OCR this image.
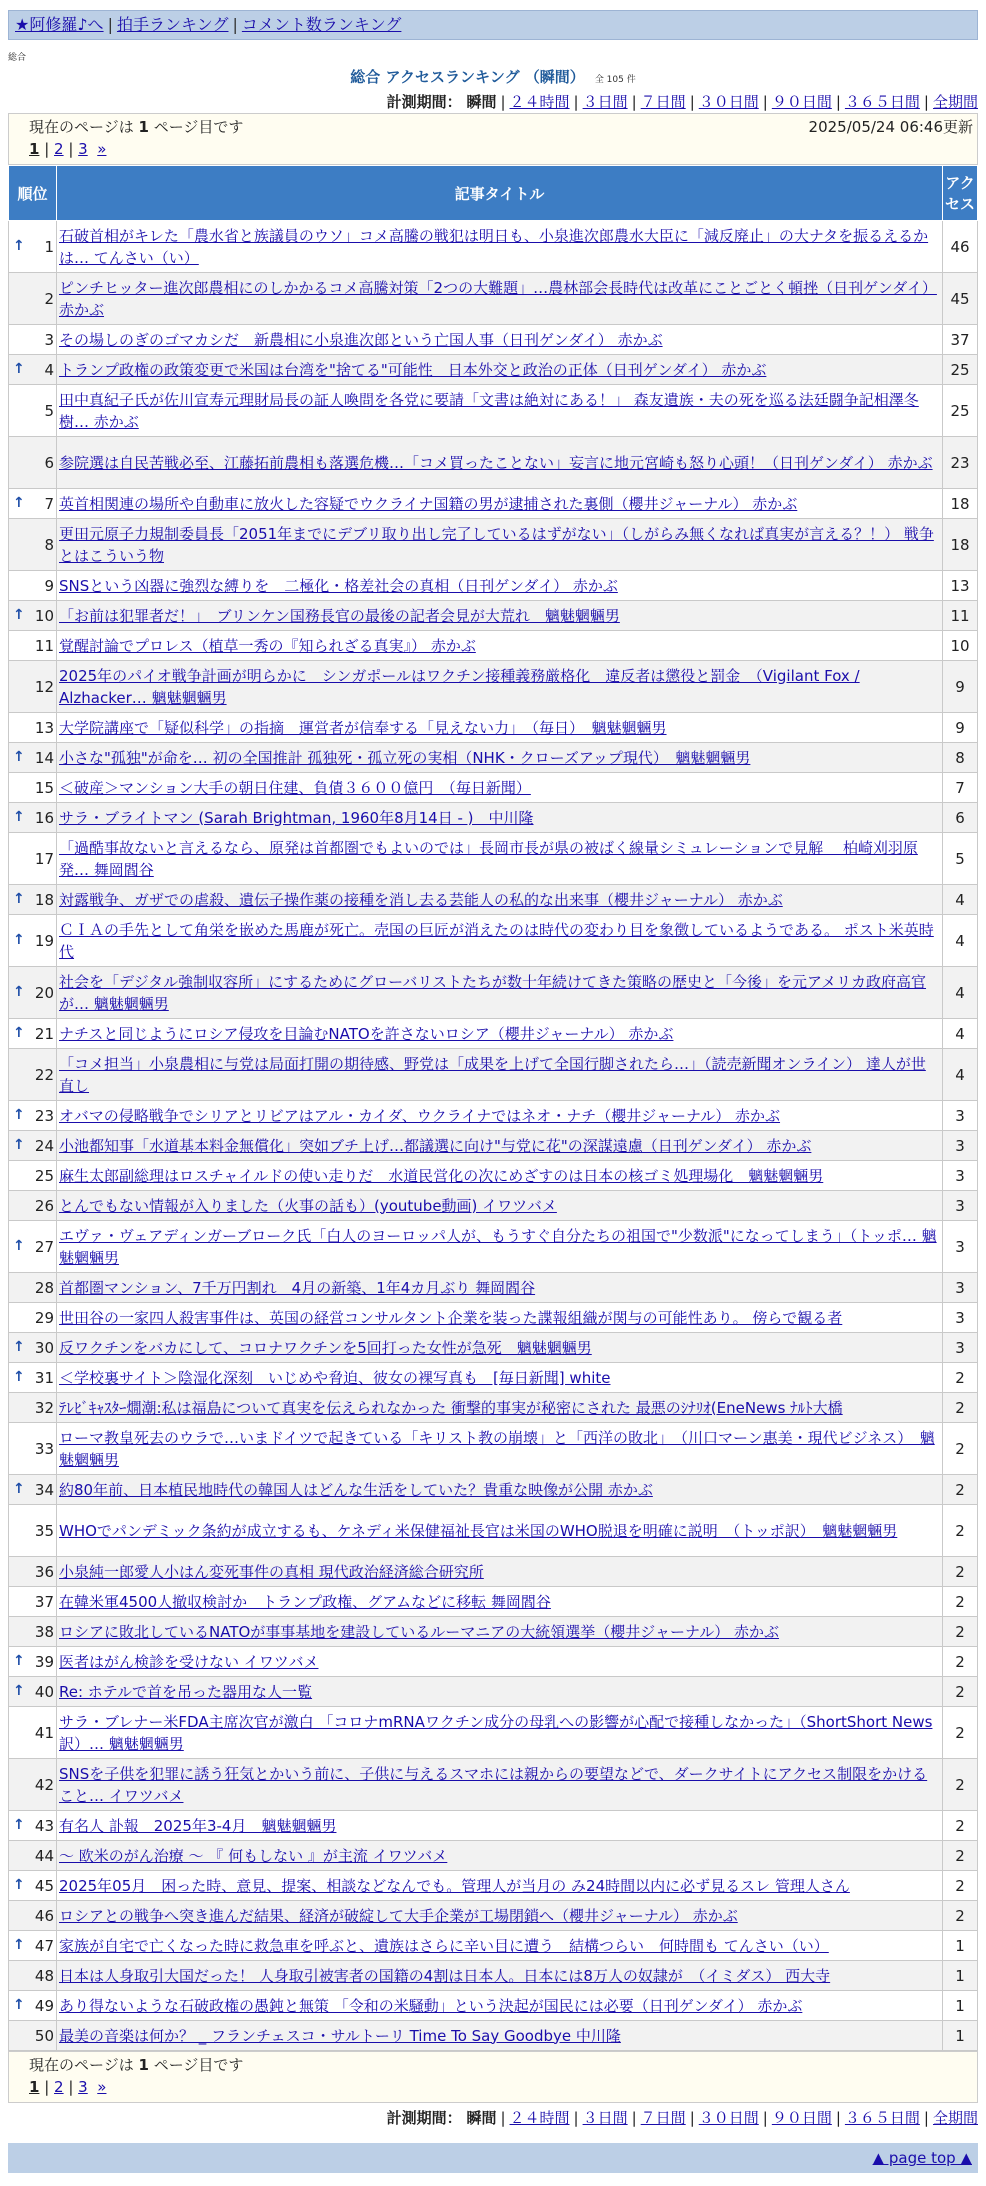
★阿修羅♪へ | 拍手ランキング | コメント数ランキング
総合
総合 アクセスランキング （瞬間） 全 105 件
計測期間： 瞬間 | ２４時間 | ３日間 | ７日間 | ３０日間 | ９０日間 | ３６５日間 | 全期間
現在のページは 1 ページ目です	2025/05/24 06:46更新
1 | 2 | 3 »
順位	記事タイトル	アクセス

↑ 1	石破首相がキレた「農水省と族議員のウソ」コメ高騰の戦犯は明日も、小泉進次郎農水大臣に「減反廃止」の大ナタを振るえるかは… てんさい（い）	46
2	ピンチヒッター進次郎農相にのしかかるコメ高騰対策「2つの大難題」…農林部会長時代は改革にことごとく頓挫（日刊ゲンダイ） 赤かぶ	45
3	その場しのぎのゴマカシだ　新農相に小泉進次郎という亡国人事（日刊ゲンダイ） 赤かぶ	37

↑ 4	トランプ政権の政策変更で米国は台湾を"捨てる"可能性　日本外交と政治の正体（日刊ゲンダイ） 赤かぶ	25
5	田中真紀子氏が佐川宣寿元理財局長の証人喚問を各党に要請「文書は絶対にある！」 森友遺族・夫の死を巡る法廷闘争記相澤冬樹… 赤かぶ	25
6	参院選は自民苦戦必至、江藤拓前農相も落選危機…「コメ買ったことない」妄言に地元宮崎も怒り心頭！（日刊ゲンダイ） 赤かぶ	23

↑ 7	英首相関連の場所や自動車に放火した容疑でウクライナ国籍の男が逮捕された裏側（櫻井ジャーナル） 赤かぶ	18
8	更田元原子力規制委員長「2051年までにデブリ取り出し完了しているはずがない」（しがらみ無くなれば真実が言える？！） 戦争とはこういう物	18
9	SNSという凶器に強烈な縛りを　二極化・格差社会の真相（日刊ゲンダイ） 赤かぶ	13

↑ 10	「お前は犯罪者だ！」　ブリンケン国務長官の最後の記者会見が大荒れ　魑魅魍魎男	11
11	覚醒討論でプロレス（植草一秀の『知られざる真実』） 赤かぶ	10
12	2025年のパイオ戦争計画が明らかに　シンガポールはワクチン接種義務厳格化　違反者は懲役と罰金　（Vigilant Fox / Alzhacker… 魑魅魍魎男	9
13	大学院講座で「疑似科学」の指摘　運営者が信奉する「見えない力」　（毎日）　魑魅魍魎男	9

↑ 14	小さな"孤独"が命を… 初の全国推計 孤独死・孤立死の実相（NHK・クローズアップ現代）　魑魅魍魎男	8
15	＜破産＞マンション大手の朝日住建、負債３６００億円　（毎日新聞）	7

↑ 16	サラ・ブライトマン (Sarah Brightman, 1960年8月14日 - )　中川隆	6
17	「過酷事故ないと言えるなら、原発は首都圏でもよいのでは」長岡市長が県の被ばく線量シミュレーションで見解　 柏崎刈羽原発… 舞岡閻谷	5

↑ 18	対露戦争、ガザでの虐殺、遺伝子操作薬の接種を消し去る芸能人の私的な出来事（櫻井ジャーナル） 赤かぶ	4

↑ 19	ＣＩＡの手先として角栄を嵌めた馬鹿が死亡。売国の巨匠が消えたのは時代の変わり目を象徴しているようである。 ポスト米英時代	4

↑ 20	社会を「デジタル強制収容所」にするためにグローバリストたちが数十年続けてきた策略の歴史と「今後」を元アメリカ政府高官が… 魑魅魍魎男	4

↑ 21	ナチスと同じようにロシア侵攻を目論むNATOを許さないロシア（櫻井ジャーナル） 赤かぶ	4
22	「コメ担当」小泉農相に与党は局面打開の期待感、野党は「成果を上げて全国行脚されたら…」（読売新聞オンライン） 達人が世直し	4

↑ 23	オバマの侵略戦争でシリアとリビアはアル・カイダ、ウクライナではネオ・ナチ（櫻井ジャーナル） 赤かぶ	3

↑ 24	小池都知事「水道基本料金無償化」突如ブチ上げ…都議選に向け"与党に花"の深謀遠慮（日刊ゲンダイ） 赤かぶ	3
25	麻生太郎副総理はロスチャイルドの使い走りだ　水道民営化の次にめざすのは日本の核ゴミ処理場化　魑魅魍魎男	3
26	とんでもない情報が入りました（火事の話も）(youtube動画) イワツバメ	3

↑ 27	エヴァ・ヴェアディンガーブローク氏「白人のヨーロッパ人が、もうすぐ自分たちの祖国で"少数派"になってしまう」（トッポ… 魑魅魍魎男	3
28	首都圏マンション、7千万円割れ　4月の新築、1年4カ月ぶり 舞岡閻谷	3
29	世田谷の一家四人殺害事件は、英国の経営コンサルタント企業を装った諜報組織が関与の可能性あり。 傍らで観る者	3

↑ 30	反ワクチンをバカにして、コロナワクチンを5回打った女性が急死　魑魅魍魎男	3

↑ 31	＜学校裏サイト＞陰湿化深刻　いじめや脅迫、彼女の裸写真も　[毎日新聞] white	2
32	ﾃﾚﾋﾞｷｬｽﾀｰ燗潮:私は福島について真実を伝えられなかった 衝撃的事実が秘密にされた 最悪のｼﾅﾘｵ(EneNews ﾅﾙﾄ大橋	2
33	ローマ教皇死去のウラで…いまドイツで起きている「キリスト教の崩壊」と「西洋の敗北」　（川口マーン惠美・現代ビジネス）　魑魅魍魎男	2

↑ 34	約80年前、日本植民地時代の韓国人はどんな生活をしていた？貴重な映像が公開 赤かぶ	2
35	WHOでパンデミック条約が成立するも、ケネディ米保健福祉長官は米国のWHO脱退を明確に説明　（トッポ訳）　魑魅魍魎男	2
36	小泉純一郎愛人小はん変死事件の真相 現代政治経済総合研究所	2
37	在韓米軍4500人撤収検討か　トランプ政権、グアムなどに移転 舞岡閻谷	2
38	ロシアに敗北しているNATOが事事基地を建設しているルーマニアの大統領選挙（櫻井ジャーナル） 赤かぶ	2

↑ 39	医者はがん検診を受けない イワツバメ	2

↑ 40	Re: ホテルで首を吊った器用な人一覧	2
41	サラ・ブレナー米FDA主席次官が激白 「コロナmRNAワクチン成分の母乳への影響が心配で接種しなかった」（ShortShort News訳）… 魑魅魍魎男	2
42	SNSを子供を犯罪に誘う狂気とかいう前に、子供に与えるスマホには親からの要望などで、ダークサイトにアクセス制限をかけること… イワツバメ	2

↑ 43	有名人 訃報　2025年3-4月　魑魅魍魎男	2
44	〜 欧米のがん治療 〜 『 何もしない 』が主流 イワツバメ	2

↑ 45	2025年05月　困った時、意見、提案、相談などなんでも。管理人が当月の み24時間以内に必ず見るスレ 管理人さん	2
46	ロシアとの戦争へ突き進んだ結果、経済が破綻して大手企業が工場閉鎖へ（櫻井ジャーナル） 赤かぶ	2

↑ 47	家族が自宅で亡くなった時に救急車を呼ぶと、遺族はさらに辛い目に遭う　結構つらい　何時間も てんさい（い）	1
48	日本は人身取引大国だった！ 人身取引被害者の国籍の4割は日本人。日本には8万人の奴隷が　（イミダス） 西大寺	1

↑ 49	あり得ないような石破政権の愚鈍と無策 「令和の米騒動」という決起が国民には必要（日刊ゲンダイ） 赤かぶ	1
50	最美の音楽は何か？ _ フランチェスコ・サルトーリ Time To Say Goodbye 中川隆	1
現在のページは 1 ページ目です
1 | 2 | 3 »
計測期間： 瞬間 | ２４時間 | ３日間 | ７日間 | ３０日間 | ９０日間 | ３６５日間 | 全期間
▲ page top ▲
